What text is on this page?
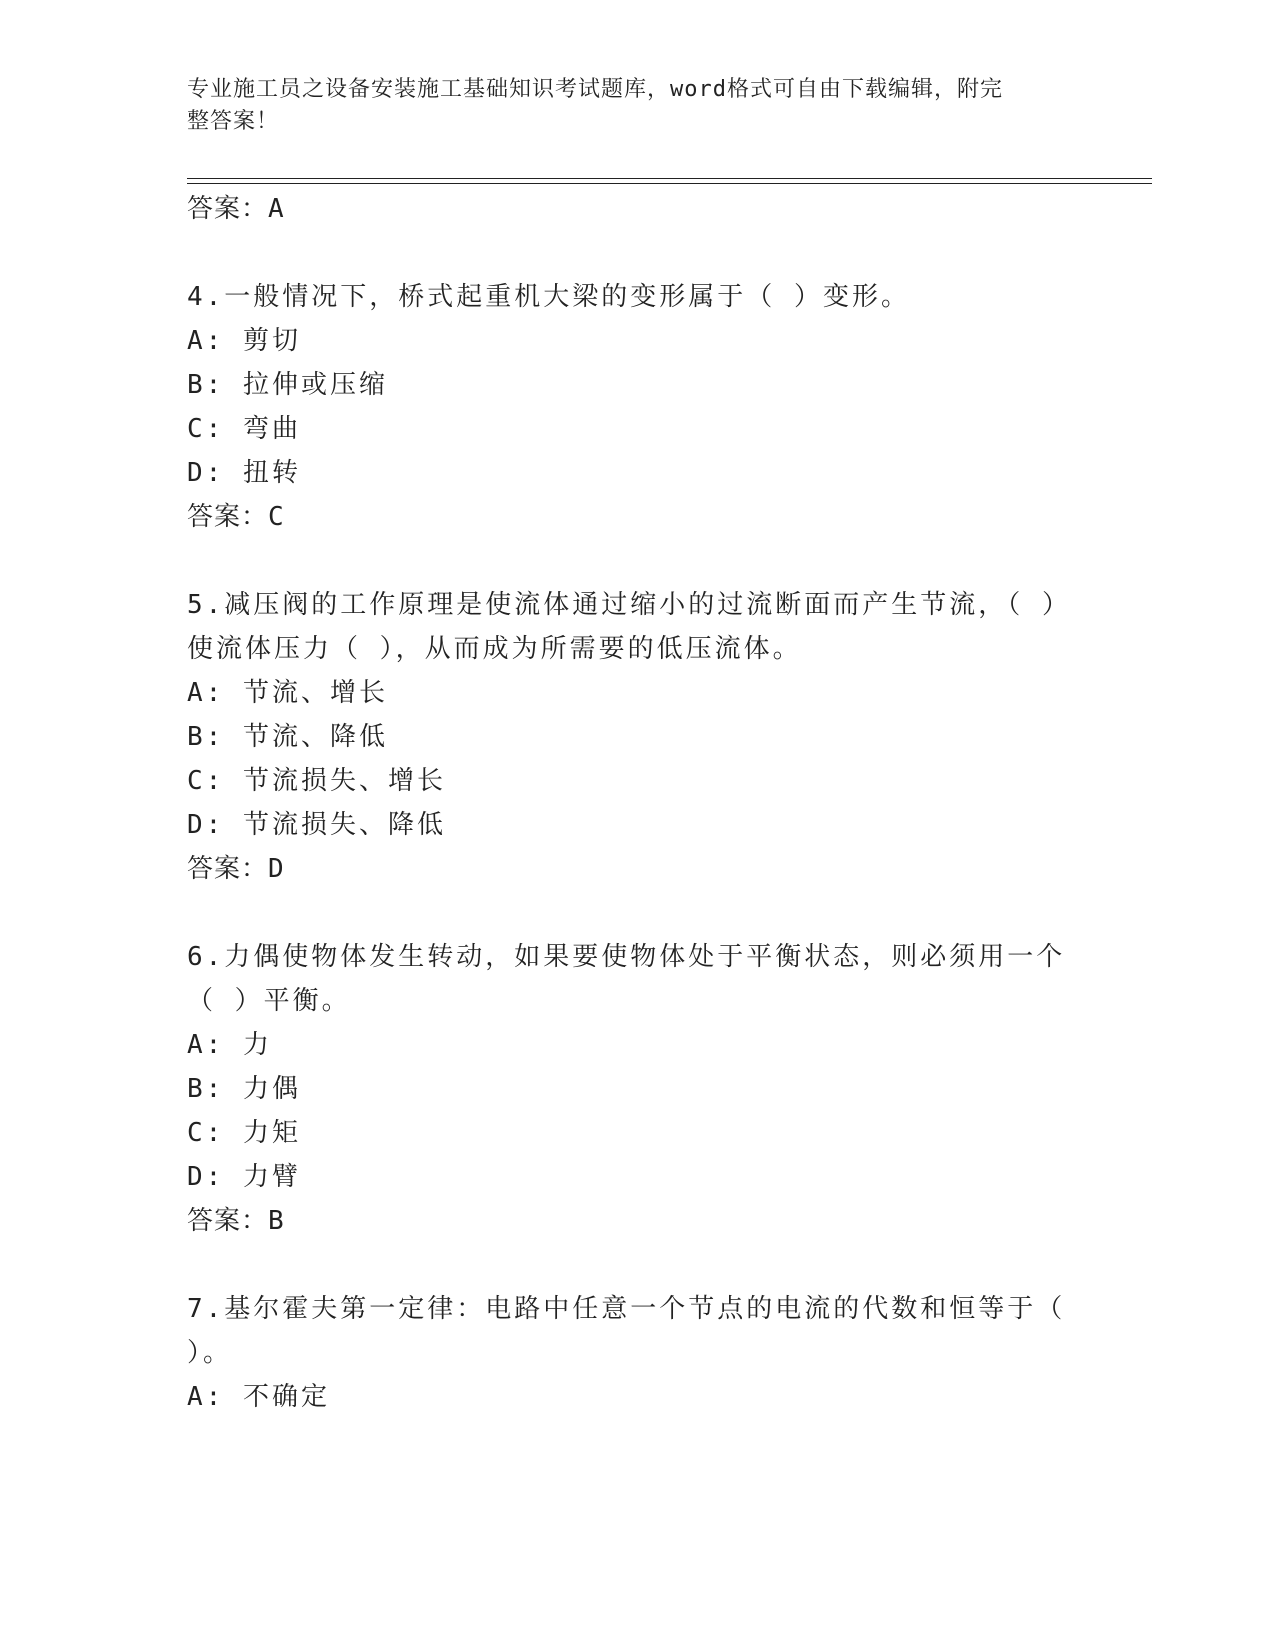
专业施工员之设备安装施工基础知识考试题库，word格式可自由下载编辑，附完
整答案！
答案：A
4.一般情况下，桥式起重机大梁的变形属于（ ）变形。
A: 剪切
B: 拉伸或压缩
C: 弯曲
D: 扭转
答案：C
5.减压阀的工作原理是使流体通过缩小的过流断面而产生节流，（ ）
使流体压力（ ），从而成为所需要的低压流体。
A: 节流、增长
B: 节流、降低
C: 节流损失、增长
D: 节流损失、降低
答案：D
6.力偶使物体发生转动，如果要使物体处于平衡状态，则必须用一个
（ ）平衡。
A: 力
B: 力偶
C: 力矩
D: 力臂
答案：B
7.基尔霍夫第一定律：电路中任意一个节点的电流的代数和恒等于（
）。
A: 不确定
